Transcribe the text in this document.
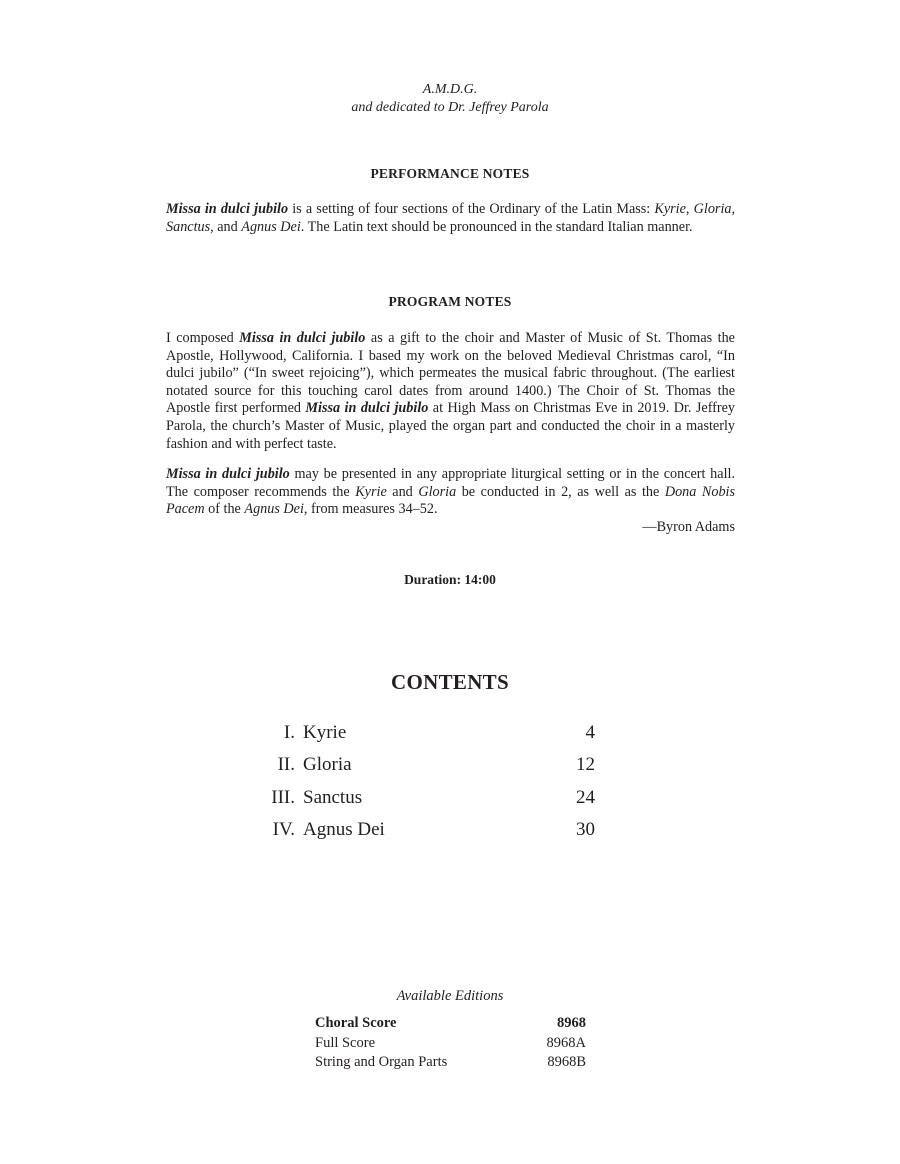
A.M.D.G.
and dedicated to Dr. Jeffrey Parola
PERFORMANCE NOTES
Missa in dulci jubilo is a setting of four sections of the Ordinary of the Latin Mass: Kyrie, Gloria, Sanctus, and Agnus Dei. The Latin text should be pronounced in the standard Italian manner.
PROGRAM NOTES
I composed Missa in dulci jubilo as a gift to the choir and Master of Music of St. Thomas the Apostle, Hollywood, California. I based my work on the beloved Medieval Christmas carol, “In dulci jubilo” (“In sweet rejoicing”), which permeates the musical fabric throughout. (The earliest notated source for this touching carol dates from around 1400.) The Choir of St. Thomas the Apostle first performed Missa in dulci jubilo at High Mass on Christmas Eve in 2019. Dr. Jeffrey Parola, the church’s Master of Music, played the organ part and conducted the choir in a masterly fashion and with perfect taste.
Missa in dulci jubilo may be presented in any appropriate liturgical setting or in the concert hall. The composer recommends the Kyrie and Gloria be conducted in 2, as well as the Dona Nobis Pacem of the Agnus Dei, from measures 34–52.
—Byron Adams
Duration: 14:00
CONTENTS
I. Kyrie	4
II. Gloria	12
III. Sanctus	24
IV. Agnus Dei	30
Available Editions
Choral Score	8968
Full Score	8968A
String and Organ Parts	8968B
